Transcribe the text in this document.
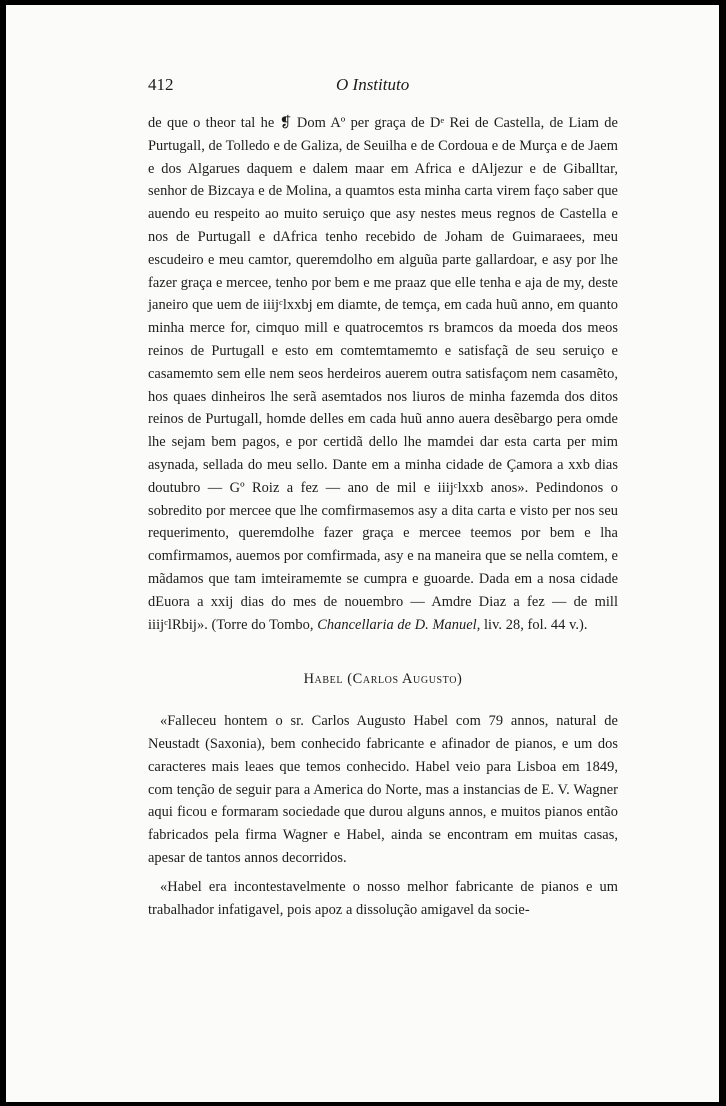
412	O Instituto

de que o theor tal he ❡ Dom Aº per graça de Dᵉ Rei de Castella, de Liam de Purtugall, de Tolledo e de Galiza, de Seuilha e de Cordoua e de Murça e de Jaem e dos Algarues daquem e dalem maar em Africa e dAljezur e de Giballtar, senhor de Bizcaya e de Molina, a quamtos esta minha carta virem faço saber que auendo eu respeito ao muito seruiço que asy nestes meus regnos de Castella e nos de Purtugall e dAfrica tenho recebido de Joham de Guimaraees, meu escudeiro e meu camtor, queremdolho em alguũa parte gallardoar, e asy por lhe fazer graça e mercee, tenho por bem e me praaz que elle tenha e aja de my, deste janeiro que uem de iiijᶜlxxbj em diamte, de temça, em cada huũ anno, em quanto minha merce for, cimquo mill e quatrocemtos rs bramcos da moeda dos meos reinos de Purtugall e esto em comtemtamemto e satisfaçã de seu seruiço e casamemto sem elle nem seos herdeiros auerem outra satisfaçom nem casamẽto, hos quaes dinheiros lhe serã asemtados nos liuros de minha fazemda dos ditos reinos de Purtugall, homde delles em cada huũ anno auera desẽbargo pera omde lhe sejam bem pagos, e por certidã dello lhe mamdei dar esta carta per mim asynada, sellada do meu sello. Dante em a minha cidade de Çamora a xxb dias doutubro — Gº Roiz a fez — ano de mil e iiijᶜlxxb anos». Pedindonos o sobredito por mercee que lhe comfirmasemos asy a dita carta e visto per nos seu requerimento, queremdolhe fazer graça e mercee teemos por bem e lha comfirmamos, auemos por comfirmada, asy e na maneira que se nella comtem, e mãdamos que tam imteiramemte se cumpra e guoarde. Dada em a nosa cidade dEuora a xxij dias do mes de nouembro — Amdre Diaz a fez — de mill iiijᶜlRbij». (Torre do Tombo, Chancellaria de D. Manuel, liv. 28, fol. 44 v.).

Habel (Carlos Augusto)

«Falleceu hontem o sr. Carlos Augusto Habel com 79 annos, natural de Neustadt (Saxonia), bem conhecido fabricante e afinador de pianos, e um dos caracteres mais leaes que temos conhecido. Habel veio para Lisboa em 1849, com tenção de seguir para a America do Norte, mas a instancias de E. V. Wagner aqui ficou e formaram sociedade que durou alguns annos, e muitos pianos então fabricados pela firma Wagner e Habel, ainda se encontram em muitas casas, apesar de tantos annos decorridos.

«Habel era incontestavelmente o nosso melhor fabricante de pianos e um trabalhador infatigavel, pois apoz a dissolução amigavel da socie-
